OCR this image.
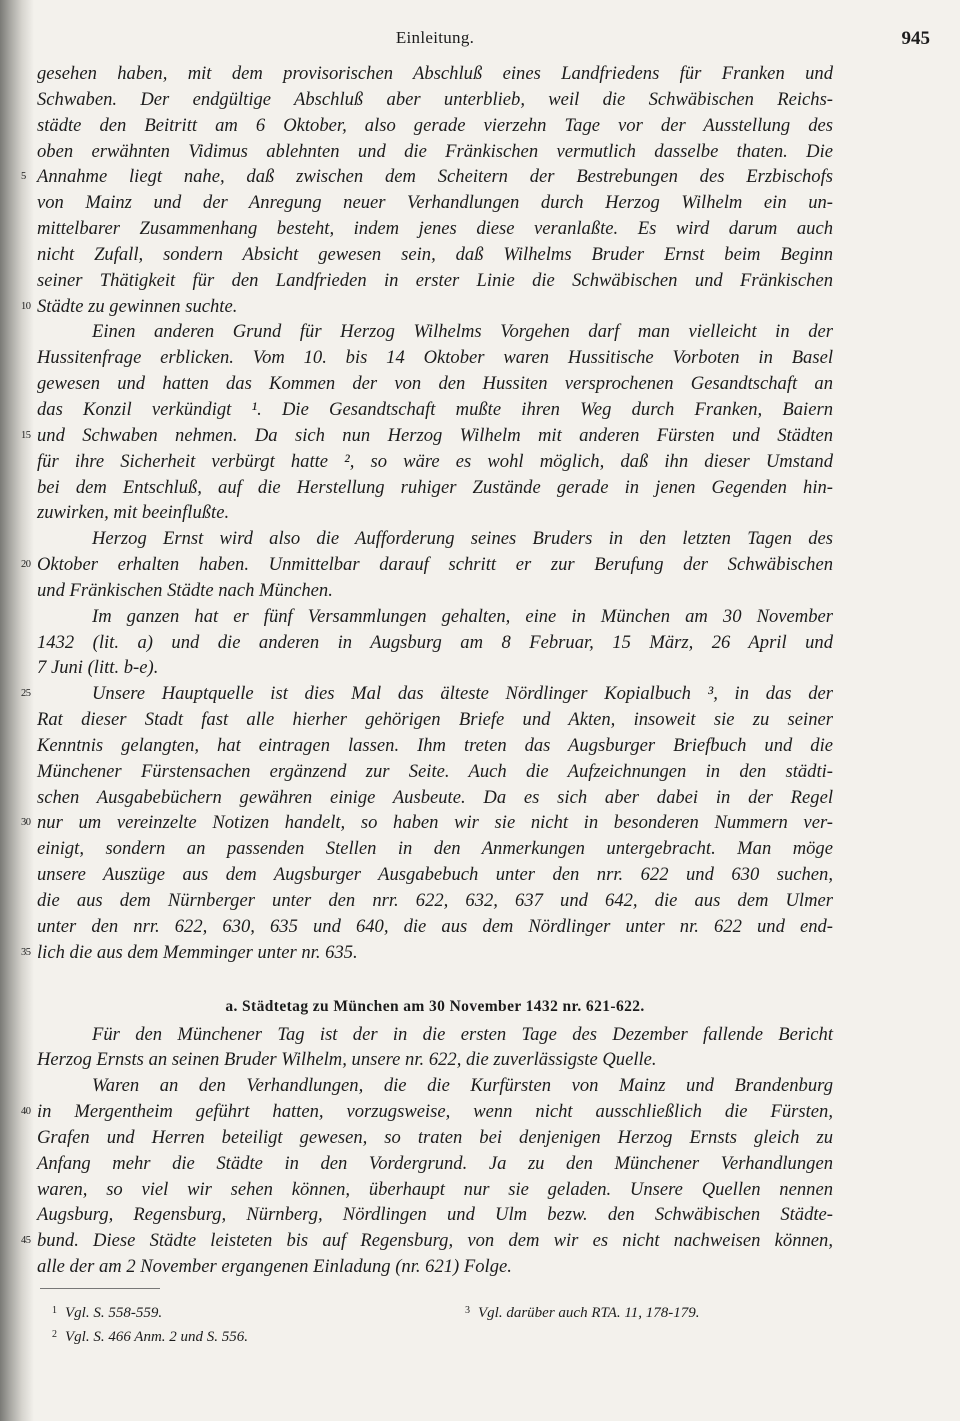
Einleitung.	945
gesehen haben, mit dem provisorischen Abschluß eines Landfriedens für Franken und
Schwaben. Der endgültige Abschluß aber unterblieb, weil die Schwäbischen Reichs-
städte den Beitritt am 6 Oktober, also gerade vierzehn Tage vor der Ausstellung des
oben erwähnten Vidimus ablehnten und die Fränkischen vermutlich dasselbe thaten. Die
5 Annahme liegt nahe, daß zwischen dem Scheitern der Bestrebungen des Erzbischofs
von Mainz und der Anregung neuer Verhandlungen durch Herzog Wilhelm ein un-
mittelbarer Zusammenhang besteht, indem jenes diese veranlaßte. Es wird darum auch
nicht Zufall, sondern Absicht gewesen sein, daß Wilhelms Bruder Ernst beim Beginn
seiner Thätigkeit für den Landfrieden in erster Linie die Schwäbischen und Fränkischen
10 Städte zu gewinnen suchte.
Einen anderen Grund für Herzog Wilhelms Vorgehen darf man vielleicht in der
Hussitenfrage erblicken. Vom 10. bis 14 Oktober waren Hussitische Vorboten in Basel
gewesen und hatten das Kommen der von den Hussiten versprochenen Gesandtschaft an
das Konzil verkündigt ¹. Die Gesandtschaft mußte ihren Weg durch Franken, Baiern
15 und Schwaben nehmen. Da sich nun Herzog Wilhelm mit anderen Fürsten und Städten
für ihre Sicherheit verbürgt hatte ², so wäre es wohl möglich, daß ihn dieser Umstand
bei dem Entschluß, auf die Herstellung ruhiger Zustände gerade in jenen Gegenden hin-
zuwirken, mit beeinflußte.
Herzog Ernst wird also die Aufforderung seines Bruders in den letzten Tagen des
20 Oktober erhalten haben. Unmittelbar darauf schritt er zur Berufung der Schwäbischen
und Fränkischen Städte nach München.
Im ganzen hat er fünf Versammlungen gehalten, eine in München am 30 November
1432 (lit. a) und die anderen in Augsburg am 8 Februar, 15 März, 26 April und
7 Juni (litt. b-e).
25	Unsere Hauptquelle ist dies Mal das älteste Nördlinger Kopialbuch ³, in das der
Rat dieser Stadt fast alle hierher gehörigen Briefe und Akten, insoweit sie zu seiner
Kenntnis gelangten, hat eintragen lassen. Ihm treten das Augsburger Briefbuch und die
Münchener Fürstensachen ergänzend zur Seite. Auch die Aufzeichnungen in den städti-
schen Ausgabebüchern gewähren einige Ausbeute. Da es sich aber dabei in der Regel
30 nur um vereinzelte Notizen handelt, so haben wir sie nicht in besonderen Nummern ver-
einigt, sondern an passenden Stellen in den Anmerkungen untergebracht. Man möge
unsere Auszüge aus dem Augsburger Ausgabebuch unter den nrr. 622 und 630 suchen,
die aus dem Nürnberger unter den nrr. 622, 632, 637 und 642, die aus dem Ulmer
unter den nrr. 622, 630, 635 und 640, die aus dem Nördlinger unter nr. 622 und end-
35 lich die aus dem Memminger unter nr. 635.
a. Städtetag zu München am 30 November 1432 nr. 621-622.
Für den Münchener Tag ist der in die ersten Tage des Dezember fallende Bericht
Herzog Ernsts an seinen Bruder Wilhelm, unsere nr. 622, die zuverlässigste Quelle.
Waren an den Verhandlungen, die die Kurfürsten von Mainz und Brandenburg
40 in Mergentheim geführt hatten, vorzugsweise, wenn nicht ausschließlich die Fürsten,
Grafen und Herren beteiligt gewesen, so traten bei denjenigen Herzog Ernsts gleich zu
Anfang mehr die Städte in den Vordergrund. Ja zu den Münchener Verhandlungen
waren, so viel wir sehen können, überhaupt nur sie geladen. Unsere Quellen nennen
Augsburg, Regensburg, Nürnberg, Nördlingen und Ulm bezw. den Schwäbischen Städte-
45 bund. Diese Städte leisteten bis auf Regensburg, von dem wir es nicht nachweisen können,
alle der am 2 November ergangenen Einladung (nr. 621) Folge.
$^1$ Vgl. S. 558-559.
$^2$ Vgl. S. 466 Anm. 2 und S. 556.
$^3$ Vgl. darüber auch RTA. 11, 178-179.
